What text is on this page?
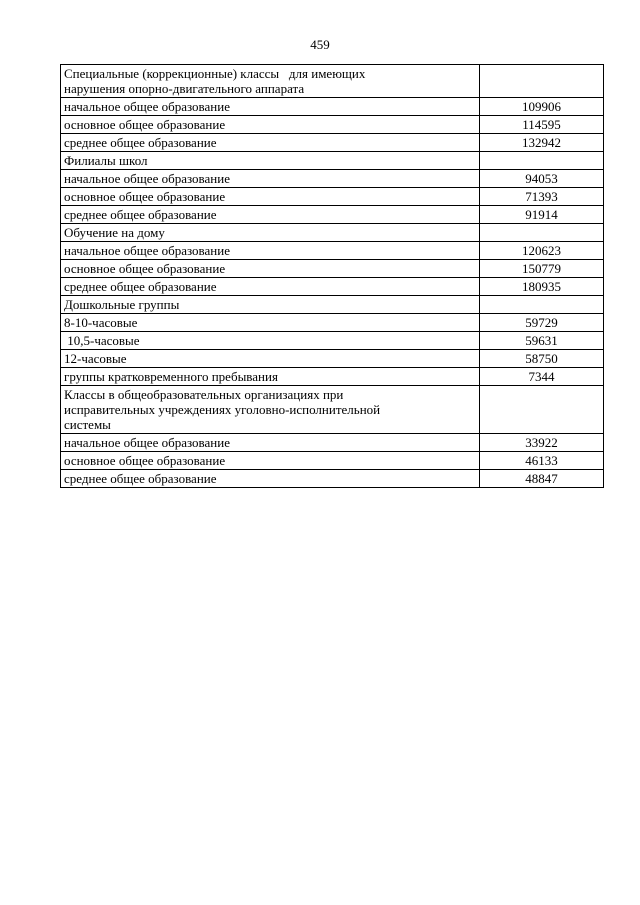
459
Специальные (коррекционные) классы   для имеющих
нарушения опорно-двигательного аппарата	
начальное общее образование	109906
основное общее образование	114595
среднее общее образование	132942
Филиалы школ	
начальное общее образование	94053
основное общее образование	71393
среднее общее образование	91914
Обучение на дому	
начальное общее образование	120623
основное общее образование	150779
среднее общее образование	180935
Дошкольные группы	
8-10-часовые	59729
10,5-часовые	59631
12-часовые	58750
группы кратковременного пребывания	7344
Классы в общеобразовательных организациях при
исправительных учреждениях уголовно-исполнительной
системы	
начальное общее образование	33922
основное общее образование	46133
среднее общее образование	48847
